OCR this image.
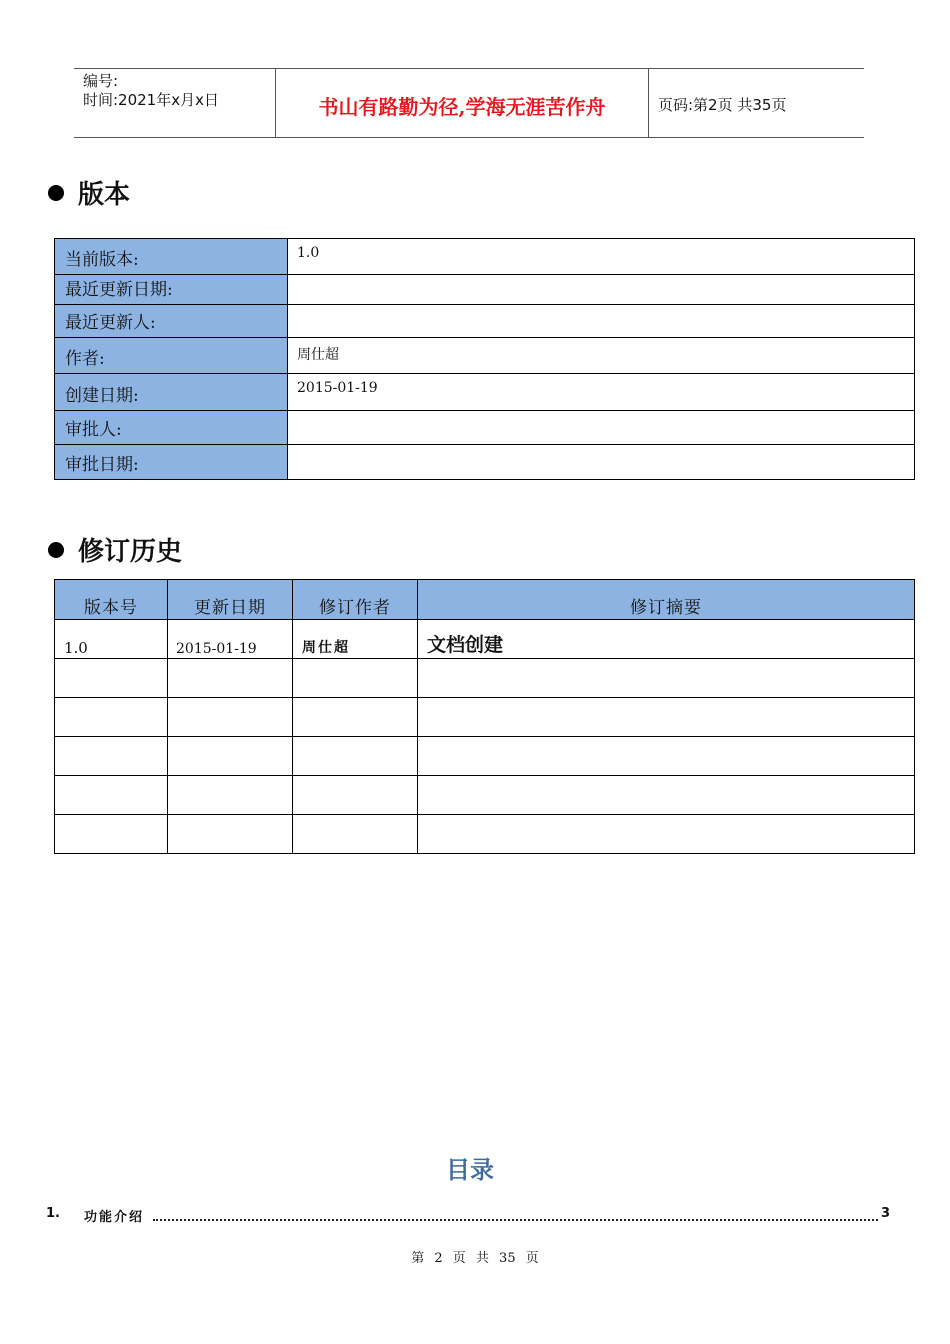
编号:
时间:2021年x月x日	书山有路勤为径,学海无涯苦作舟	页码:第2页 共35页
版本
当前版本:	1.0
最近更新日期:	
最近更新人:	
作者:	周仕超
创建日期:	2015-01-19
审批人:	
审批日期:	
修订历史
版本号	更新日期	修订作者	修订摘要
1.0	2015-01-19	周仕超	文档创建

目录
1. 功能介绍	3
第 2 页 共 35 页
